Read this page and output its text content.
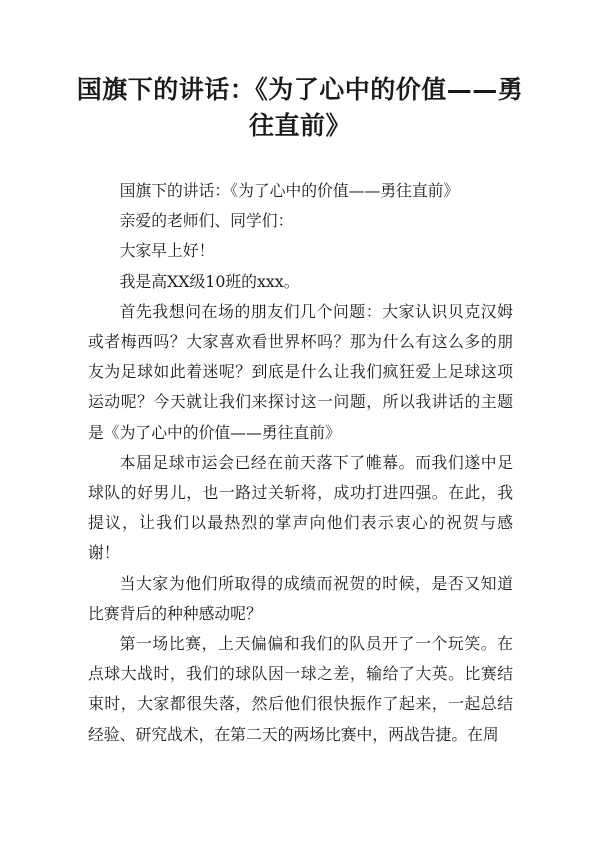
国旗下的讲话：《为了心中的价值——勇往直前》

国旗下的讲话：《为了心中的价值——勇往直前》

亲爱的老师们、同学们：

大家早上好！

我是高XX级10班的xxx。

首先我想问在场的朋友们几个问题：大家认识贝克汉姆或者梅西吗？大家喜欢看世界杯吗？那为什么有这么多的朋友为足球如此着迷呢？到底是什么让我们疯狂爱上足球这项运动呢？今天就让我们来探讨这一问题，所以我讲话的主题是《为了心中的价值——勇往直前》

本届足球市运会已经在前天落下了帷幕。而我们遂中足球队的好男儿，也一路过关斩将，成功打进四强。在此，我提议，让我们以最热烈的掌声向他们表示衷心的祝贺与感谢！

当大家为他们所取得的成绩而祝贺的时候，是否又知道比赛背后的种种感动呢？

第一场比赛，上天偏偏和我们的队员开了一个玩笑。在点球大战时，我们的球队因一球之差，输给了大英。比赛结束时，大家都很失落，然后他们很快振作了起来，一起总结经验、研究战术，在第二天的两场比赛中，两战告捷。在周
